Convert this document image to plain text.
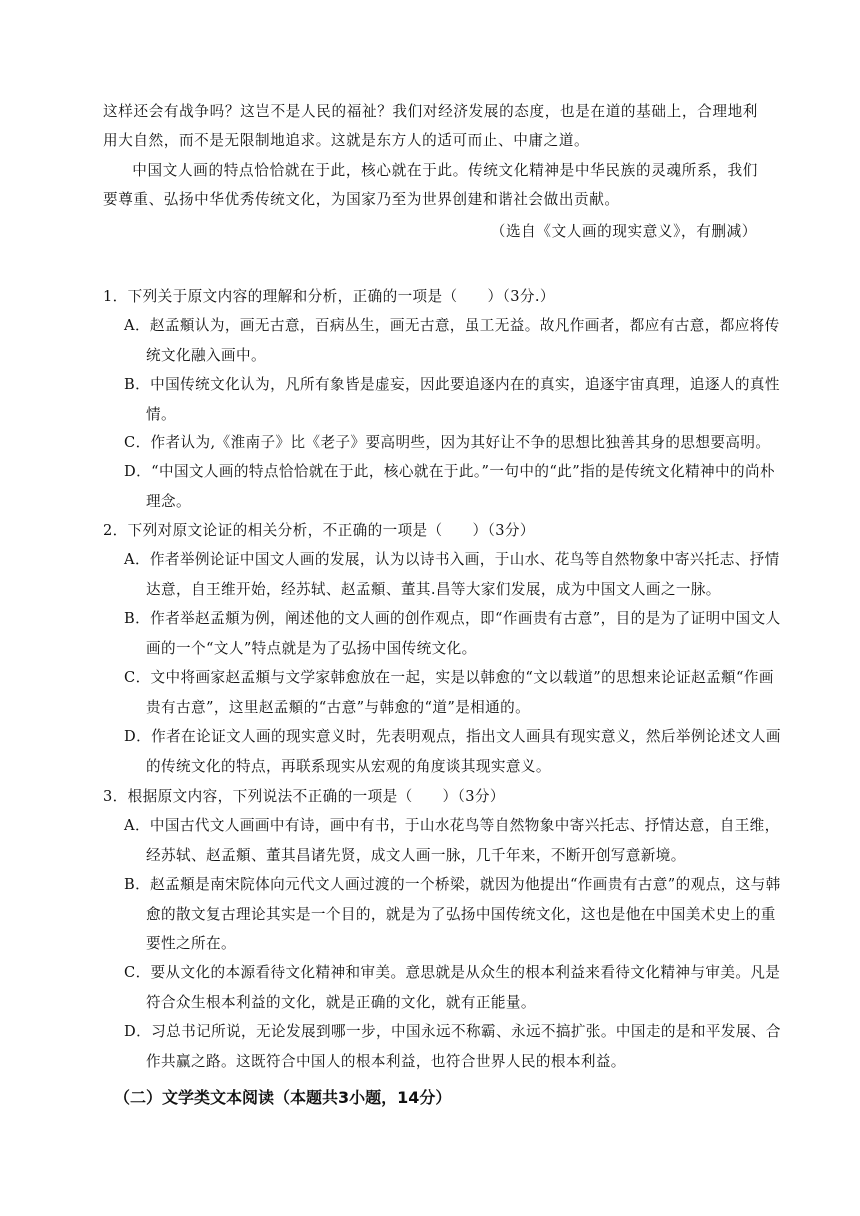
这样还会有战争吗？这岂不是人民的福祉？我们对经济发展的态度，也是在道的基础上，合理地利用大自然，而不是无限制地追求。这就是东方人的适可而止、中庸之道。

中国文人画的特点恰恰就在于此，核心就在于此。传统文化精神是中华民族的灵魂所系，我们要尊重、弘扬中华优秀传统文化，为国家乃至为世界创建和谐社会做出贡献。

（选自《文人画的现实意义》，有删减）

1．下列关于原文内容的理解和分析，正确的一项是（　　）（3分.）

A．赵孟頫认为，画无古意，百病丛生，画无古意，虽工无益。故凡作画者，都应有古意，都应将传统文化融入画中。

B．中国传统文化认为，凡所有象皆是虚妄，因此要追逐内在的真实，追逐宇宙真理，追逐人的真性情。

C．作者认为,《淮南子》比《老子》要高明些，因为其好让不争的思想比独善其身的思想要高明。

D．“中国文人画的特点恰恰就在于此，核心就在于此。”一句中的“此”指的是传统文化精神中的尚朴理念。

2．下列对原文论证的相关分析，不正确的一项是（　　）（3分）

A．作者举例论证中国文人画的发展，认为以诗书入画，于山水、花鸟等自然物象中寄兴托志、抒情达意，自王维开始，经苏轼、赵孟頫、董其.昌等大家们发展，成为中国文人画之一脉。

B．作者举赵孟頫为例，阐述他的文人画的创作观点，即“作画贵有古意”，目的是为了证明中国文人画的一个“文人”特点就是为了弘扬中国传统文化。

C．文中将画家赵孟頫与文学家韩愈放在一起，实是以韩愈的“文以载道”的思想来论证赵孟頫“作画贵有古意”，这里赵孟頫的“古意”与韩愈的“道”是相通的。

D．作者在论证文人画的现实意义时，先表明观点，指出文人画具有现实意义，然后举例论述文人画的传统文化的特点，再联系现实从宏观的角度谈其现实意义。

3．根据原文内容，下列说法不正确的一项是（　　）（3分）

A．中国古代文人画画中有诗，画中有书，于山水花鸟等自然物象中寄兴托志、抒情达意，自王维，经苏轼、赵孟頫、董其昌诸先贤，成文人画一脉，几千年来，不断开创写意新境。

B．赵孟頫是南宋院体向元代文人画过渡的一个桥梁，就因为他提出“作画贵有古意”的观点，这与韩愈的散文复古理论其实是一个目的，就是为了弘扬中国传统文化，这也是他在中国美术史上的重要性之所在。

C．要从文化的本源看待文化精神和审美。意思就是从众生的根本利益来看待文化精神与审美。凡是符合众生根本利益的文化，就是正确的文化，就有正能量。

D．习总书记所说，无论发展到哪一步，中国永远不称霸、永远不搞扩张。中国走的是和平发展、合作共赢之路。这既符合中国人的根本利益，也符合世界人民的根本利益。

（二）文学类文本阅读（本题共3小题，14分）
